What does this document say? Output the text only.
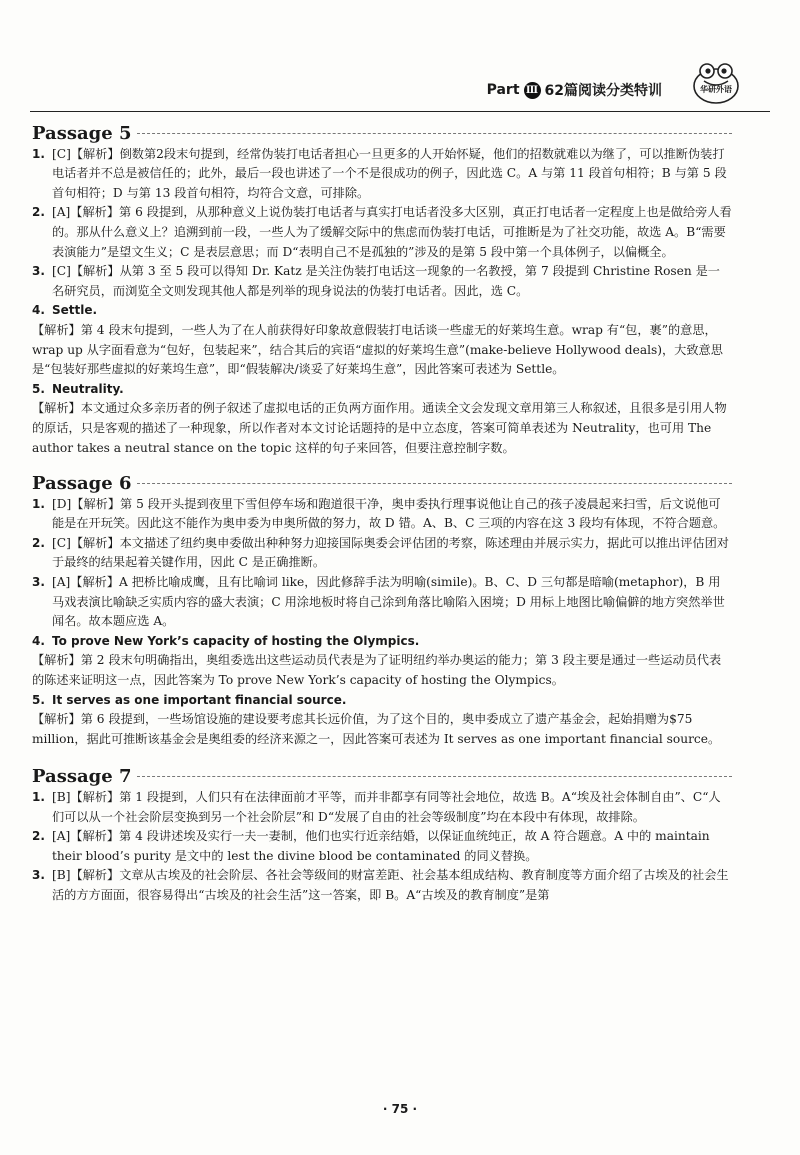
Part Ⅲ 62篇阅读分类特训	华研外语
Passage 5
1. [C]【解析】倒数第2段末句提到，经常伪装打电话者担心一旦更多的人开始怀疑，他们的招数就难以为继了，可以推断伪装打电话者并不总是被信任的；此外，最后一段也讲述了一个不是很成功的例子，因此选 C。A 与第 11 段首句相符；B 与第 5 段首句相符；D 与第 13 段首句相符，均符合文意，可排除。
2. [A]【解析】第 6 段提到，从那种意义上说伪装打电话者与真实打电话者没多大区别，真正打电话者一定程度上也是做给旁人看的。那从什么意义上？追溯到前一段，一些人为了缓解交际中的焦虑而伪装打电话，可推断是为了社交功能，故选 A。B“需要表演能力”是望文生义；C 是表层意思；而 D“表明自己不是孤独的”涉及的是第 5 段中第一个具体例子，以偏概全。
3. [C]【解析】从第 3 至 5 段可以得知 Dr. Katz 是关注伪装打电话这一现象的一名教授，第 7 段提到 Christine Rosen 是一名研究员，而浏览全文则发现其他人都是列举的现身说法的伪装打电话者。因此，选 C。
4. Settle.
【解析】第 4 段末句提到，一些人为了在人前获得好印象故意假装打电话谈一些虚无的好莱坞生意。wrap 有“包，裹”的意思，wrap up 从字面看意为“包好，包装起来”，结合其后的宾语“虚拟的好莱坞生意”(make-believe Hollywood deals)，大致意思是“包装好那些虚拟的好莱坞生意”，即“假装解决/谈妥了好莱坞生意”，因此答案可表述为 Settle。
5. Neutrality.
【解析】本文通过众多亲历者的例子叙述了虚拟电话的正负两方面作用。通读全文会发现文章用第三人称叙述，且很多是引用人物的原话，只是客观的描述了一种现象，所以作者对本文讨论话题持的是中立态度，答案可简单表述为 Neutrality，也可用 The author takes a neutral stance on the topic 这样的句子来回答，但要注意控制字数。
Passage 6
1. [D]【解析】第 5 段开头提到夜里下雪但停车场和跑道很干净，奥申委执行理事说他让自己的孩子凌晨起来扫雪，后文说他可能是在开玩笑。因此这不能作为奥申委为申奥所做的努力，故 D 错。A、B、C 三项的内容在这 3 段均有体现，不符合题意。
2. [C]【解析】本文描述了纽约奥申委做出种种努力迎接国际奥委会评估团的考察，陈述理由并展示实力，据此可以推出评估团对于最终的结果起着关键作用，因此 C 是正确推断。
3. [A]【解析】A 把桥比喻成鹰，且有比喻词 like，因此修辞手法为明喻(simile)。B、C、D 三句都是暗喻(metaphor)，B 用马戏表演比喻缺乏实质内容的盛大表演；C 用涂地板时将自己涂到角落比喻陷入困境；D 用标上地图比喻偏僻的地方突然举世闻名。故本题应选 A。
4. To prove New York’s capacity of hosting the Olympics.
【解析】第 2 段末句明确指出，奥组委选出这些运动员代表是为了证明纽约举办奥运的能力；第 3 段主要是通过一些运动员代表的陈述来证明这一点，因此答案为 To prove New York’s capacity of hosting the Olympics。
5. It serves as one important financial source.
【解析】第 6 段提到，一些场馆设施的建设要考虑其长远价值，为了这个目的，奥申委成立了遗产基金会，起始捐赠为$75 million，据此可推断该基金会是奥组委的经济来源之一，因此答案可表述为 It serves as one important financial source。
Passage 7
1. [B]【解析】第 1 段提到，人们只有在法律面前才平等，而并非都享有同等社会地位，故选 B。A“埃及社会体制自由”、C“人们可以从一个社会阶层变换到另一个社会阶层”和 D“发展了自由的社会等级制度”均在本段中有体现，故排除。
2. [A]【解析】第 4 段讲述埃及实行一夫一妻制，他们也实行近亲结婚，以保证血统纯正，故 A 符合题意。A 中的 maintain their blood’s purity 是文中的 lest the divine blood be contaminated 的同义替换。
3. [B]【解析】文章从古埃及的社会阶层、各社会等级间的财富差距、社会基本组成结构、教育制度等方面介绍了古埃及的社会生活的方方面面，很容易得出“古埃及的社会生活”这一答案，即 B。A“古埃及的教育制度”是第
· 75 ·
